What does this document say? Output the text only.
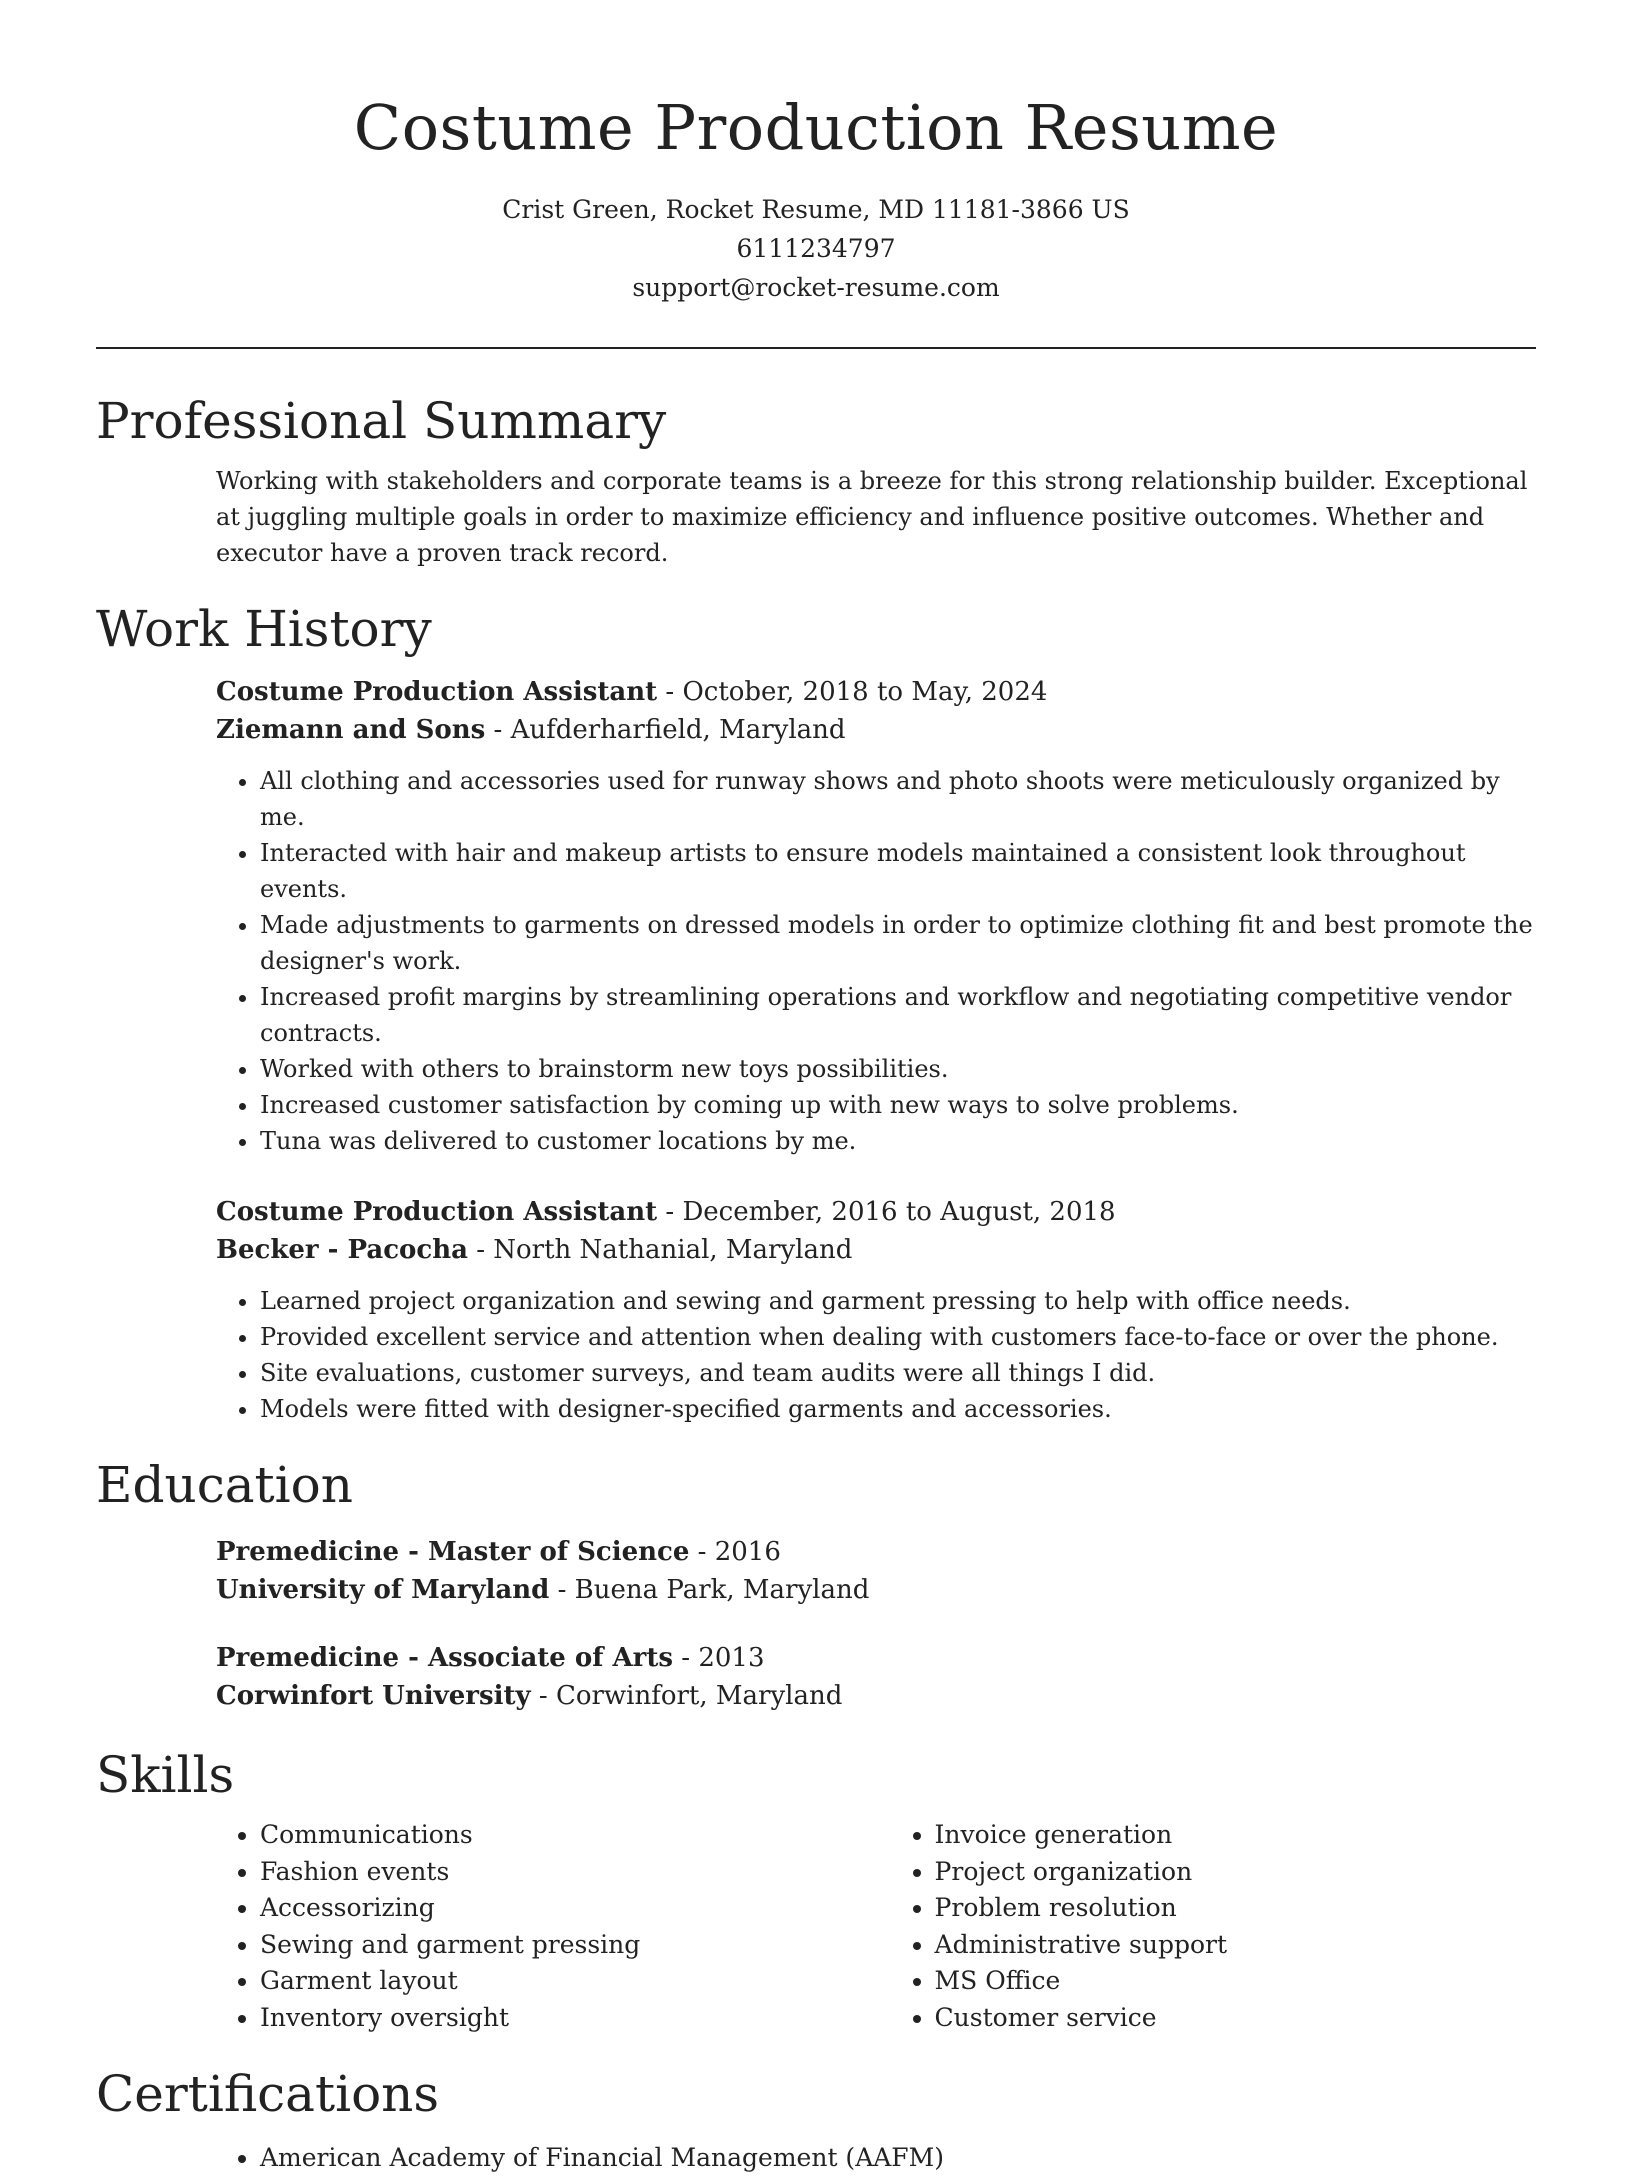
Costume Production Resume
Crist Green, Rocket Resume, MD 11181-3866 US
6111234797
support@rocket-resume.com
Professional Summary
Working with stakeholders and corporate teams is a breeze for this strong relationship builder. Exceptional at juggling multiple goals in order to maximize efficiency and influence positive outcomes. Whether and executor have a proven track record.
Work History
Costume Production Assistant - October, 2018 to May, 2024
Ziemann and Sons - Aufderharfield, Maryland
• All clothing and accessories used for runway shows and photo shoots were meticulously organized by me.
• Interacted with hair and makeup artists to ensure models maintained a consistent look throughout events.
• Made adjustments to garments on dressed models in order to optimize clothing fit and best promote the designer's work.
• Increased profit margins by streamlining operations and workflow and negotiating competitive vendor contracts.
• Worked with others to brainstorm new toys possibilities.
• Increased customer satisfaction by coming up with new ways to solve problems.
• Tuna was delivered to customer locations by me.
Costume Production Assistant - December, 2016 to August, 2018
Becker - Pacocha - North Nathanial, Maryland
• Learned project organization and sewing and garment pressing to help with office needs.
• Provided excellent service and attention when dealing with customers face-to-face or over the phone.
• Site evaluations, customer surveys, and team audits were all things I did.
• Models were fitted with designer-specified garments and accessories.
Education
Premedicine - Master of Science - 2016
University of Maryland - Buena Park, Maryland
Premedicine - Associate of Arts - 2013
Corwinfort University - Corwinfort, Maryland
Skills
• Communications
• Fashion events
• Accessorizing
• Sewing and garment pressing
• Garment layout
• Inventory oversight
• Invoice generation
• Project organization
• Problem resolution
• Administrative support
• MS Office
• Customer service
Certifications
• American Academy of Financial Management (AAFM)
